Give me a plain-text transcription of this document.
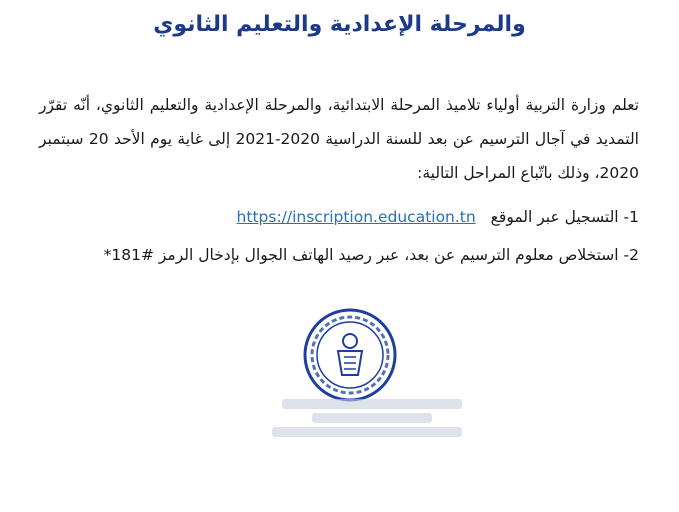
والمرحلة الإعدادية والتعليم الثانوي

تعلم وزارة التربية أولياء تلاميذ المرحلة الابتدائية، والمرحلة الإعدادية والتعليم الثانوي، أنّه تقرّر التمديد في آجال الترسيم عن بعد للسنة الدراسية 2020-2021 إلى غاية يوم الأحد 20 سبتمبر 2020، وذلك باتّباع المراحل التالية:

1- التسجيل عبر الموقع https://inscription.education.tn

2- استخلاص معلوم الترسيم عن بعد، عبر رصيد الهاتف الجوال بإدخال الرمز #181*
